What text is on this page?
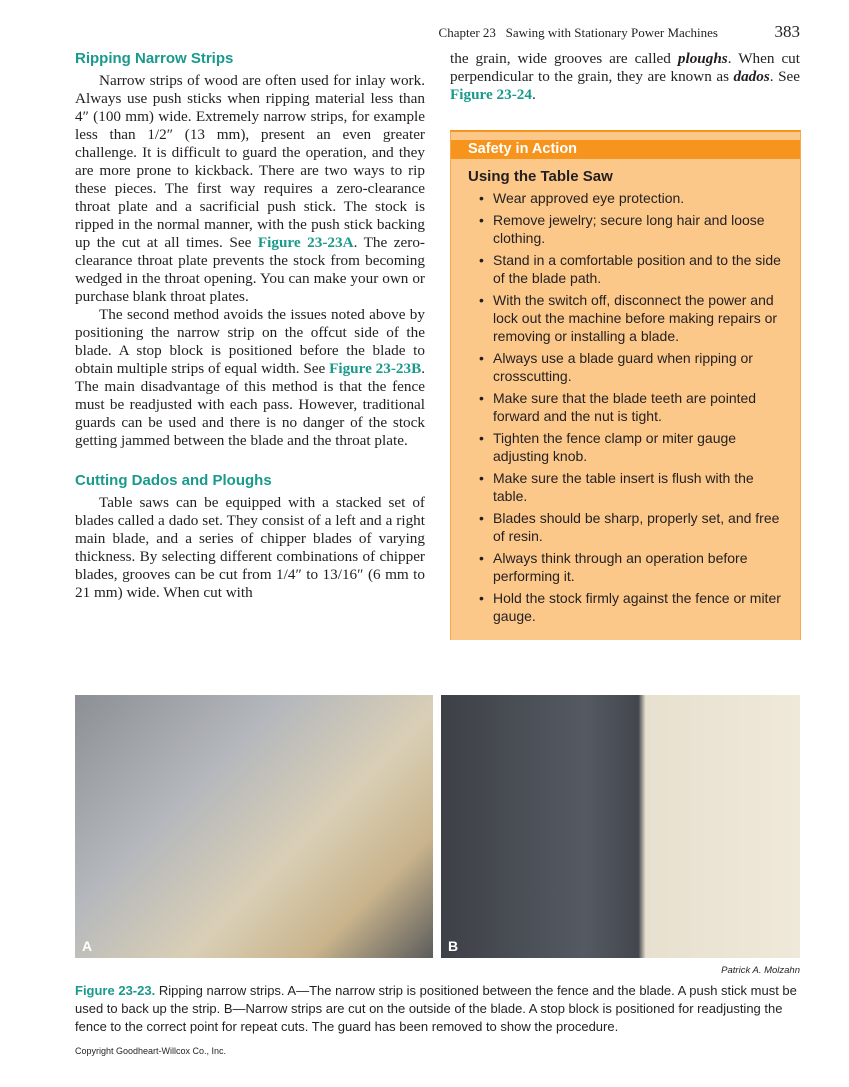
Chapter 23   Sawing with Stationary Power Machines	383
Ripping Narrow Strips

Narrow strips of wood are often used for inlay work. Always use push sticks when ripping material less than 4″ (100 mm) wide. Extremely narrow strips, for example less than 1/2″ (13 mm), present an even greater challenge. It is difficult to guard the operation, and they are more prone to kickback. There are two ways to rip these pieces. The first way requires a zero-clearance throat plate and a sacrificial push stick. The stock is ripped in the normal manner, with the push stick backing up the cut at all times. See Figure 23-23A. The zero-clearance throat plate prevents the stock from becoming wedged in the throat opening. You can make your own or purchase blank throat plates.

The second method avoids the issues noted above by positioning the narrow strip on the offcut side of the blade. A stop block is positioned before the blade to obtain multiple strips of equal width. See Figure 23-23B. The main disadvantage of this method is that the fence must be readjusted with each pass. However, traditional guards can be used and there is no danger of the stock getting jammed between the blade and the throat plate.

Cutting Dados and Ploughs

Table saws can be equipped with a stacked set of blades called a dado set. They consist of a left and a right main blade, and a series of chipper blades of varying thickness. By selecting different combinations of chipper blades, grooves can be cut from 1/4″ to 13/16″ (6 mm to 21 mm) wide. When cut with

the grain, wide grooves are called ploughs. When cut perpendicular to the grain, they are known as dados. See Figure 23-24.

Safety in Action
Using the Table Saw
• Wear approved eye protection.
• Remove jewelry; secure long hair and loose clothing.
• Stand in a comfortable position and to the side of the blade path.
• With the switch off, disconnect the power and lock out the machine before making repairs or removing or installing a blade.
• Always use a blade guard when ripping or crosscutting.
• Make sure that the blade teeth are pointed forward and the nut is tight.
• Tighten the fence clamp or miter gauge adjusting knob.
• Make sure the table insert is flush with the table.
• Blades should be sharp, properly set, and free of resin.
• Always think through an operation before performing it.
• Hold the stock firmly against the fence or miter gauge.
A	B
Patrick A. Molzahn
Figure 23-23. Ripping narrow strips. A—The narrow strip is positioned between the fence and the blade. A push stick must be used to back up the strip. B—Narrow strips are cut on the outside of the blade. A stop block is positioned for readjusting the fence to the correct point for repeat cuts. The guard has been removed to show the procedure.
Copyright Goodheart-Willcox Co., Inc.
